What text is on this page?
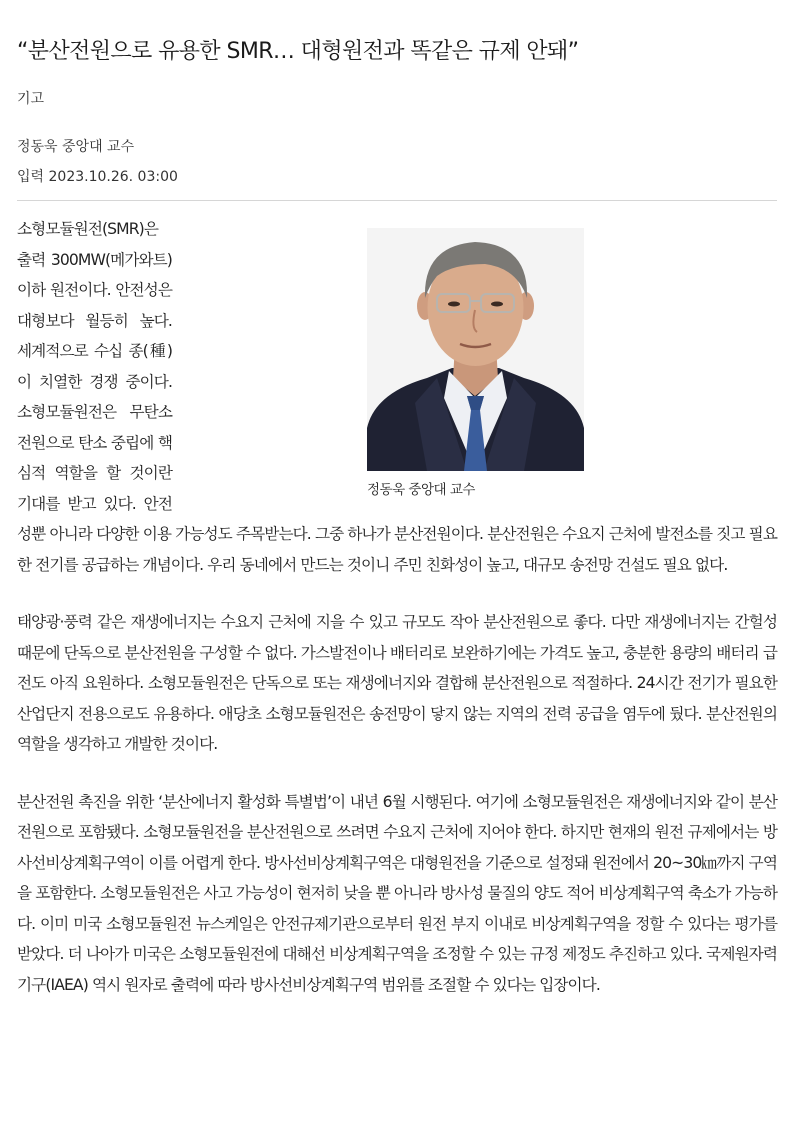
“분산전원으로 유용한 SMR… 대형원전과 똑같은 규제 안돼”
기고
정동욱 중앙대 교수
입력 2023.10.26. 03:00
정동욱 중앙대 교수

소형모듈원전(SMR)은 출력 300MW(메가와트) 이하 원전이다. 안전성은 대형보다 월등히 높다. 세계적으로 수십 종(種)이 치열한 경쟁 중이다. 소형모듈원전은 무탄소 전원으로 탄소 중립에 핵심적 역할을 할 것이란 기대를 받고 있다. 안전성뿐 아니라 다양한 이용 가능성도 주목받는다. 그중 하나가 분산전원이다. 분산전원은 수요지 근처에 발전소를 짓고 필요한 전기를 공급하는 개념이다. 우리 동네에서 만드는 것이니 주민 친화성이 높고, 대규모 송전망 건설도 필요 없다.

태양광·풍력 같은 재생에너지는 수요지 근처에 지을 수 있고 규모도 작아 분산전원으로 좋다. 다만 재생에너지는 간헐성 때문에 단독으로 분산전원을 구성할 수 없다. 가스발전이나 배터리로 보완하기에는 가격도 높고, 충분한 용량의 배터리 급전도 아직 요원하다. 소형모듈원전은 단독으로 또는 재생에너지와 결합해 분산전원으로 적절하다. 24시간 전기가 필요한 산업단지 전용으로도 유용하다. 애당초 소형모듈원전은 송전망이 닿지 않는 지역의 전력 공급을 염두에 뒀다. 분산전원의 역할을 생각하고 개발한 것이다.

분산전원 촉진을 위한 ‘분산에너지 활성화 특별법’이 내년 6월 시행된다. 여기에 소형모듈원전은 재생에너지와 같이 분산전원으로 포함됐다. 소형모듈원전을 분산전원으로 쓰려면 수요지 근처에 지어야 한다. 하지만 현재의 원전 규제에서는 방사선비상계획구역이 이를 어렵게 한다. 방사선비상계획구역은 대형원전을 기준으로 설정돼 원전에서 20~30㎞까지 구역을 포함한다. 소형모듈원전은 사고 가능성이 현저히 낮을 뿐 아니라 방사성 물질의 양도 적어 비상계획구역 축소가 가능하다. 이미 미국 소형모듈원전 뉴스케일은 안전규제기관으로부터 원전 부지 이내로 비상계획구역을 정할 수 있다는 평가를 받았다. 더 나아가 미국은 소형모듈원전에 대해선 비상계획구역을 조정할 수 있는 규정 제정도 추진하고 있다. 국제원자력기구(IAEA) 역시 원자로 출력에 따라 방사선비상계획구역 범위를 조절할 수 있다는 입장이다.
